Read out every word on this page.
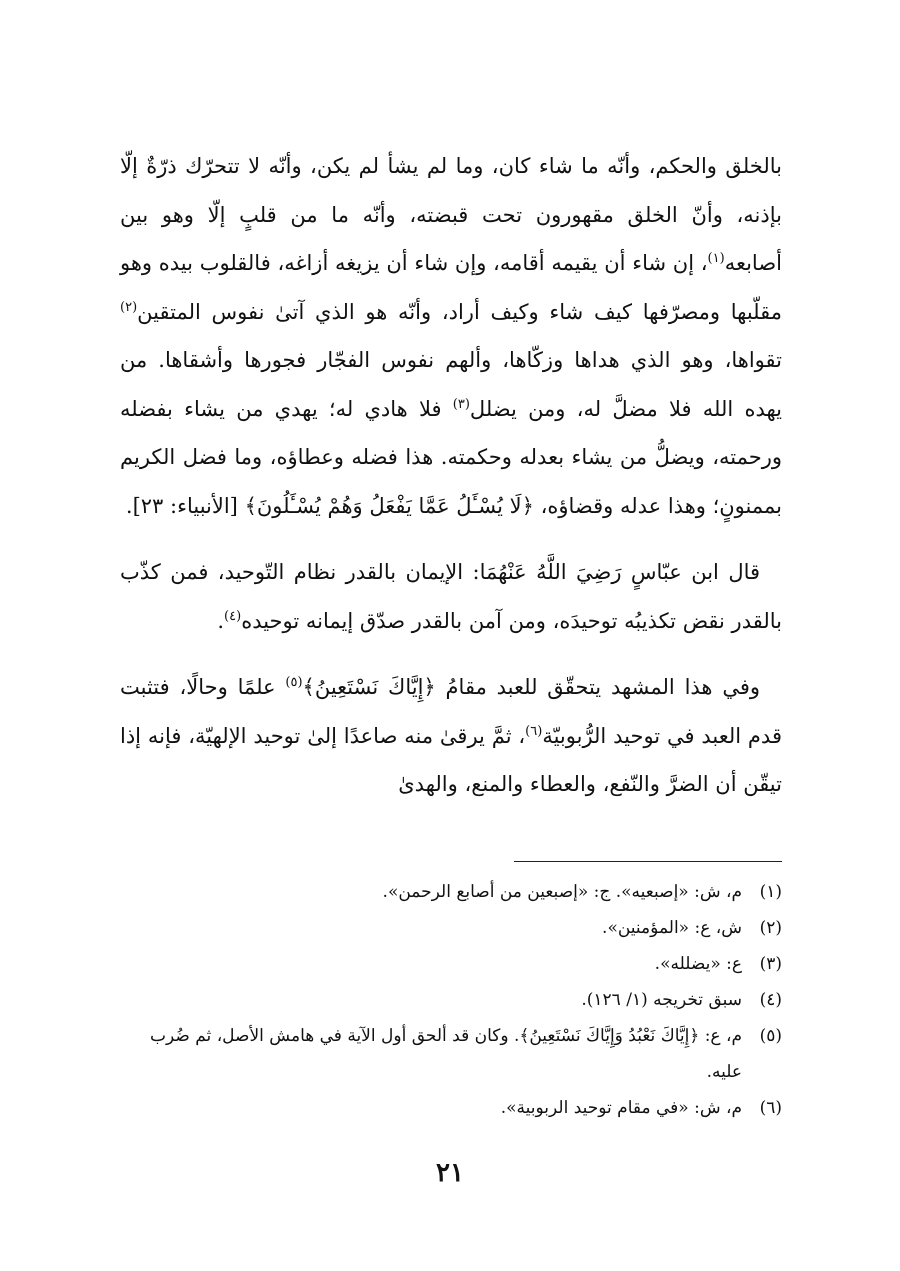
بالخلق والحكم، وأنّه ما شاء كان، وما لم يشأ لم يكن، وأنّه لا تتحرّك ذرّةٌ إلّا بإذنه، وأنّ الخلق مقهورون تحت قبضته، وأنّه ما من قلبٍ إلّا وهو بين أصابعه$^{(١)}$، إن شاء أن يقيمه أقامه، وإن شاء أن يزيغه أزاغه، فالقلوب بيده وهو مقلّبها ومصرّفها كيف شاء وكيف أراد، وأنّه هو الذي آتىٰ نفوس المتقين$^{(٢)}$ تقواها، وهو الذي هداها وزكّاها، وألهم نفوس الفجّار فجورها وأشقاها. من يهده الله فلا مضلَّ له، ومن يضلل$^{(٣)}$ فلا هادي له؛ يهدي من يشاء بفضله ورحمته، ويضلُّ من يشاء بعدله وحكمته. هذا فضله وعطاؤه، وما فضل الكريم بممنونٍ؛ وهذا عدله وقضاؤه، ﴿لَا يُسْـَٔلُ عَمَّا يَفْعَلُ وَهُمْ يُسْـَٔلُونَ﴾ [الأنبياء: ٢٣].

قال ابن عبّاسٍ رَضِيَ اللَّهُ عَنْهُمَا: الإيمان بالقدر نظام التّوحيد، فمن كذّب بالقدر نقض تكذيبُه توحيدَه، ومن آمن بالقدر صدّق إيمانه توحيده$^{(٤)}$.

وفي هذا المشهد يتحقّق للعبد مقامُ ﴿إِيَّاكَ نَسْتَعِينُ﴾$^{(٥)}$ علمًا وحالًا، فتثبت قدم العبد في توحيد الرُّبوبيّة$^{(٦)}$، ثمَّ يرقىٰ منه صاعدًا إلىٰ توحيد الإلهيّة، فإنه إذا تيقّن أن الضرَّ والنّفع، والعطاء والمنع، والهدىٰ

(١)
م، ش: «إصبعيه». ج: «إصبعين من أصابع الرحمن».
(٢)
ش، ع: «المؤمنين».
(٣)
ع: «يضلله».
(٤)
سبق تخريجه (١/ ١٢٦).
(٥)
م، ع: ﴿إِيَّاكَ نَعْبُدُ وَإِيَّاكَ نَسْتَعِينُ﴾. وكان قد ألحق أول الآية في هامش الأصل، ثم ضُرب عليه.
(٦)
م، ش: «في مقام توحيد الربوبية».
٢١
